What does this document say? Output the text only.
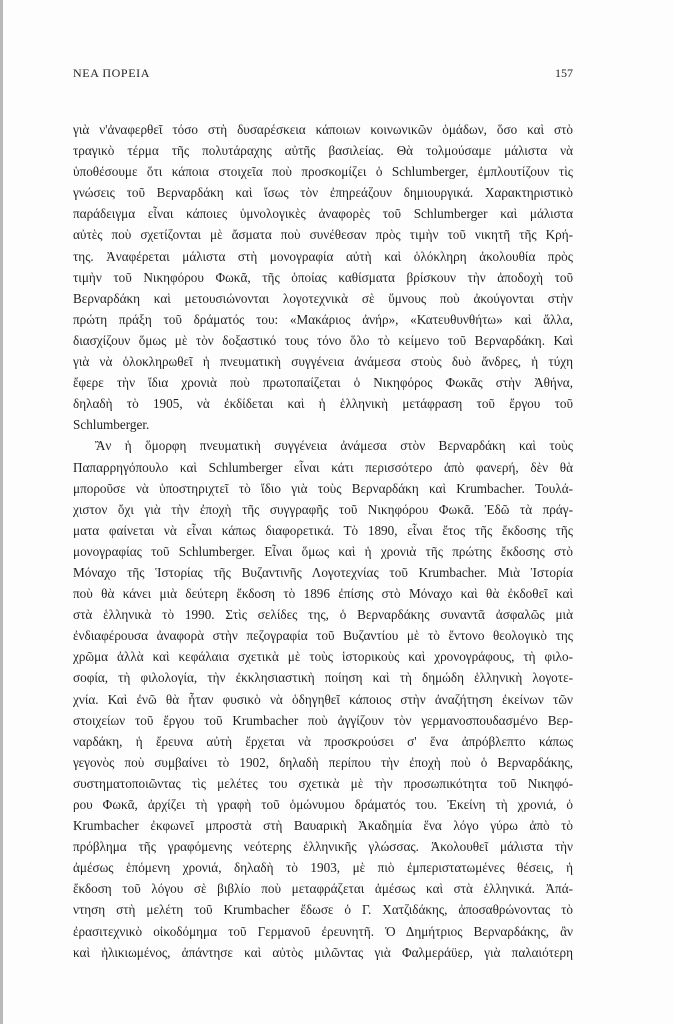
ΝΕΑ ΠΟΡΕΙΑ	157

γιὰ ν'ἀναφερθεῖ τόσο στὴ δυσαρέσκεια κάποιων κοινωνικῶν ὁμάδων, ὅσο καὶ στὸ
τραγικὸ τέρμα τῆς πολυτάραχης αὐτῆς βασιλείας. Θὰ τολμούσαμε μάλιστα νὰ
ὑποθέσουμε ὅτι κάποια στοιχεῖα ποὺ προσκομίζει ὁ Schlumberger, ἐμπλουτίζουν τὶς
γνώσεις τοῦ Βερναρδάκη καὶ ἴσως τὸν ἐπηρεάζουν δημιουργικά. Χαρακτηριστικὸ
παράδειγμα εἶναι κάποιες ὑμνολογικὲς ἀναφορὲς τοῦ Schlumberger καὶ μάλιστα
αὐτὲς ποὺ σχετίζονται μὲ ἄσματα ποὺ συνέθεσαν πρὸς τιμὴν τοῦ νικητῆ τῆς Κρή-
της. Ἀναφέρεται μάλιστα στὴ μονογραφία αὐτὴ καὶ ὁλόκληρη ἀκολουθία πρὸς
τιμὴν τοῦ Νικηφόρου Φωκᾶ, τῆς ὁποίας καθίσματα βρίσκουν τὴν ἀποδοχὴ τοῦ
Βερναρδάκη καὶ μετουσιώνονται λογοτεχνικὰ σὲ ὕμνους ποὺ ἀκούγονται στὴν
πρώτη πράξη τοῦ δράματός του: «Μακάριος ἀνήρ», «Κατευθυνθήτω» καὶ ἄλλα,
διασχίζουν ὅμως μὲ τὸν δοξαστικό τους τόνο ὅλο τὸ κείμενο τοῦ Βερναρδάκη. Καὶ
γιὰ νὰ ὁλοκληρωθεῖ ἡ πνευματικὴ συγγένεια ἀνάμεσα στοὺς δυὸ ἄνδρες, ἡ τύχη
ἔφερε τὴν ἴδια χρονιὰ ποὺ πρωτοπαίζεται ὁ Νικηφόρος Φωκᾶς στὴν Ἀθήνα,
δηλαδὴ τὸ 1905, νὰ ἐκδίδεται καὶ ἡ ἑλληνικὴ μετάφραση τοῦ ἔργου τοῦ
Schlumberger.

Ἂν ἡ ὅμορφη πνευματικὴ συγγένεια ἀνάμεσα στὸν Βερναρδάκη καὶ τοὺς
Παπαρρηγόπουλο καὶ Schlumberger εἶναι κάτι περισσότερο ἀπὸ φανερή, δὲν θὰ
μποροῦσε νὰ ὑποστηριχτεῖ τὸ ἴδιο γιὰ τοὺς Βερναρδάκη καὶ Krumbacher. Τουλά-
χιστον ὄχι γιὰ τὴν ἐποχὴ τῆς συγγραφῆς τοῦ Νικηφόρου Φωκᾶ. Ἐδῶ τὰ πράγ-
ματα φαίνεται νὰ εἶναι κάπως διαφορετικά. Τὸ 1890, εἶναι ἔτος τῆς ἔκδοσης τῆς
μονογραφίας τοῦ Schlumberger. Εἶναι ὅμως καὶ ἡ χρονιὰ τῆς πρώτης ἔκδοσης στὸ
Μόναχο τῆς Ἱστορίας τῆς Βυζαντινῆς Λογοτεχνίας τοῦ Krumbacher. Μιὰ Ἱστορία
ποὺ θὰ κάνει μιὰ δεύτερη ἔκδοση τὸ 1896 ἐπίσης στὸ Μόναχο καὶ θὰ ἐκδοθεῖ καὶ
στὰ ἑλληνικὰ τὸ 1990. Στὶς σελίδες της, ὁ Βερναρδάκης συναντᾶ ἀσφαλῶς μιὰ
ἐνδιαφέρουσα ἀναφορὰ στὴν πεζογραφία τοῦ Βυζαντίου μὲ τὸ ἔντονο θεολογικὸ της
χρῶμα ἀλλὰ καὶ κεφάλαια σχετικὰ μὲ τοὺς ἱστορικοὺς καὶ χρονογράφους, τὴ φιλο-
σοφία, τὴ φιλολογία, τὴν ἐκκλησιαστικὴ ποίηση καὶ τὴ δημώδη ἑλληνικὴ λογοτε-
χνία. Καὶ ἐνῶ θὰ ἦταν φυσικὸ νὰ ὁδηγηθεῖ κάποιος στὴν ἀναζήτηση ἐκείνων τῶν
στοιχείων τοῦ ἔργου τοῦ Krumbacher ποὺ ἀγγίζουν τὸν γερμανοσπουδασμένο Βερ-
ναρδάκη, ἡ ἔρευνα αὐτὴ ἔρχεται νὰ προσκρούσει σ' ἕνα ἀπρόβλεπτο κάπως
γεγονὸς ποὺ συμβαίνει τὸ 1902, δηλαδὴ περίπου τὴν ἐποχὴ ποὺ ὁ Βερναρδάκης,
συστηματοποιῶντας τὶς μελέτες του σχετικὰ μὲ τὴν προσωπικότητα τοῦ Νικηφό-
ρου Φωκᾶ, ἀρχίζει τὴ γραφὴ τοῦ ὁμώνυμου δράματός του. Ἐκείνη τὴ χρονιά, ὁ
Krumbacher ἐκφωνεῖ μπροστὰ στὴ Βαυαρικὴ Ἀκαδημία ἕνα λόγο γύρω ἀπὸ τὸ
πρόβλημα τῆς γραφόμενης νεότερης ἑλληνικῆς γλώσσας. Ἀκολουθεῖ μάλιστα τὴν
ἀμέσως ἑπόμενη χρονιά, δηλαδὴ τὸ 1903, μὲ πιὸ ἐμπεριστατωμένες θέσεις, ἡ
ἔκδοση τοῦ λόγου σὲ βιβλίο ποὺ μεταφράζεται ἀμέσως καὶ στὰ ἑλληνικά. Ἀπά-
ντηση στὴ μελέτη τοῦ Krumbacher ἔδωσε ὁ Γ. Χατζιδάκης, ἀποσαθρώνοντας τὸ
ἐρασιτεχνικὸ οἰκοδόμημα τοῦ Γερμανοῦ ἐρευνητῆ. Ὁ Δημήτριος Βερναρδάκης, ἂν
καὶ ἡλικιωμένος, ἀπάντησε καὶ αὐτὸς μιλῶντας γιὰ Φαλμεράϋερ, γιὰ παλαιότερη
